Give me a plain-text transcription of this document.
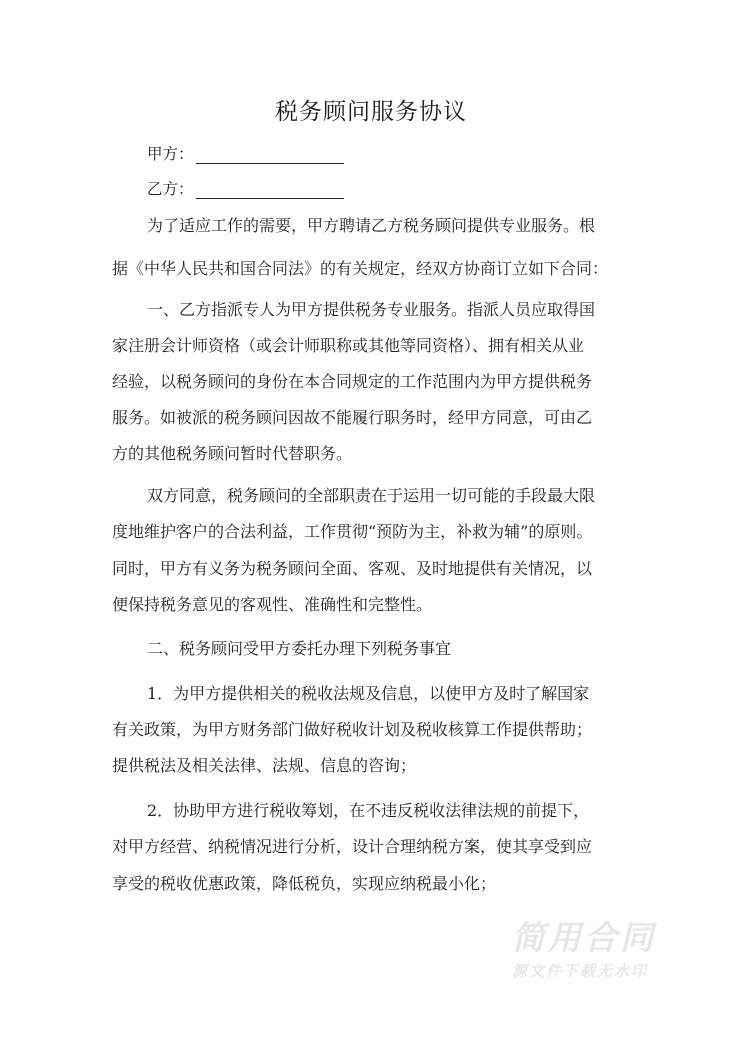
税务顾问服务协议
甲方：
乙方：
为了适应工作的需要，甲方聘请乙方税务顾问提供专业服务。根
据《中华人民共和国合同法》的有关规定，经双方协商订立如下合同：
一、乙方指派专人为甲方提供税务专业服务。指派人员应取得国
家注册会计师资格（或会计师职称或其他等同资格）、拥有相关从业
经验，以税务顾问的身份在本合同规定的工作范围内为甲方提供税务
服务。如被派的税务顾问因故不能履行职务时，经甲方同意，可由乙
方的其他税务顾问暂时代替职务。
双方同意，税务顾问的全部职责在于运用一切可能的手段最大限
度地维护客户的合法利益，工作贯彻“预防为主，补救为辅”的原则。
同时，甲方有义务为税务顾问全面、客观、及时地提供有关情况，以
便保持税务意见的客观性、准确性和完整性。
二、税务顾问受甲方委托办理下列税务事宜
1．为甲方提供相关的税收法规及信息，以使甲方及时了解国家
有关政策，为甲方财务部门做好税收计划及税收核算工作提供帮助；
提供税法及相关法律、法规、信息的咨询；
2．协助甲方进行税收筹划，在不违反税收法律法规的前提下，
对甲方经营、纳税情况进行分析，设计合理纳税方案，使其享受到应
享受的税收优惠政策，降低税负，实现应纳税最小化；
简用合同
源文件下载无水印
